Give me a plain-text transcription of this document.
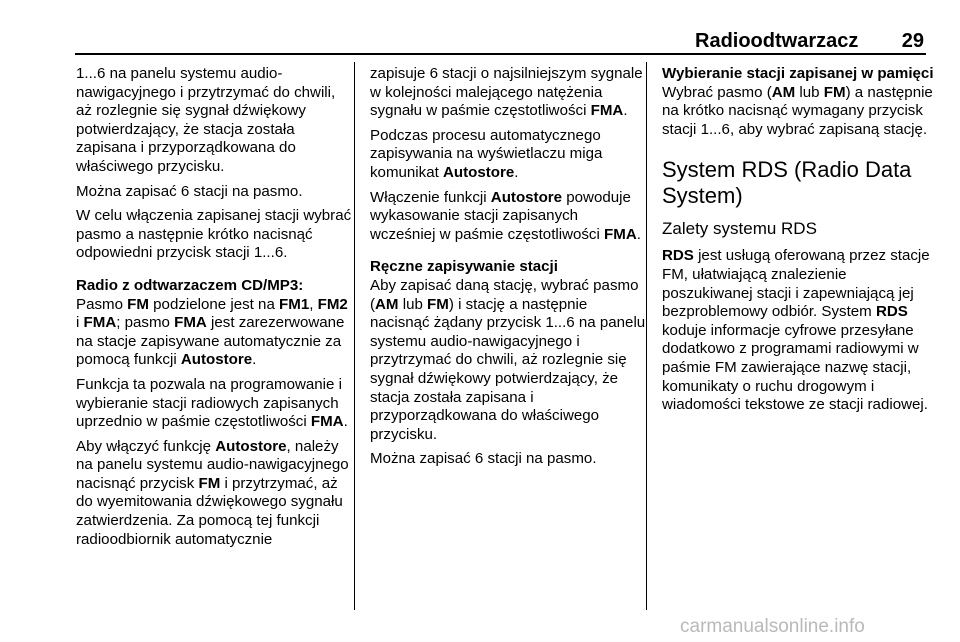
Radioodtwarzacz 29

1...6 na panelu systemu audio-nawigacyjnego i przytrzymać do chwili, aż rozlegnie się sygnał dźwiękowy potwierdzający, że stacja została zapisana i przyporządkowana do właściwego przycisku.

Można zapisać 6 stacji na pasmo.

W celu włączenia zapisanej stacji wybrać pasmo a następnie krótko nacisnąć odpowiedni przycisk stacji 1...6.

Radio z odtwarzaczem CD/MP3:

Pasmo FM podzielone jest na FM1, FM2 i FMA; pasmo FMA jest zarezerwowane na stacje zapisywane automatycznie za pomocą funkcji Autostore.

Funkcja ta pozwala na programowanie i wybieranie stacji radiowych zapisanych uprzednio w paśmie częstotliwości FMA.

Aby włączyć funkcję Autostore, należy na panelu systemu audio-nawigacyjnego nacisnąć przycisk FM i przytrzymać, aż do wyemitowania dźwiękowego sygnału zatwierdzenia. Za pomocą tej funkcji radioodbiornik automatycznie

zapisuje 6 stacji o najsilniejszym sygnale w kolejności malejącego natężenia sygnału w paśmie częstotliwości FMA.

Podczas procesu automatycznego zapisywania na wyświetlaczu miga komunikat Autostore.

Włączenie funkcji Autostore powoduje wykasowanie stacji zapisanych wcześniej w paśmie częstotliwości FMA.

Ręczne zapisywanie stacji

Aby zapisać daną stację, wybrać pasmo (AM lub FM) i stację a następnie nacisnąć żądany przycisk 1...6 na panelu systemu audio-nawigacyjnego i przytrzymać do chwili, aż rozlegnie się sygnał dźwiękowy potwierdzający, że stacja została zapisana i przyporządkowana do właściwego przycisku.

Można zapisać 6 stacji na pasmo.

Wybieranie stacji zapisanej w pamięci

Wybrać pasmo (AM lub FM) a następnie na krótko nacisnąć wymagany przycisk stacji 1...6, aby wybrać zapisaną stację.

System RDS (Radio Data System)
Zalety systemu RDS

RDS jest usługą oferowaną przez stacje FM, ułatwiającą znalezienie poszukiwanej stacji i zapewniającą jej bezproblemowy odbiór. System RDS koduje informacje cyfrowe przesyłane dodatkowo z programami radiowymi w paśmie FM zawierające nazwę stacji, komunikaty o ruchu drogowym i wiadomości tekstowe ze stacji radiowej.

carmanualsonline.info
